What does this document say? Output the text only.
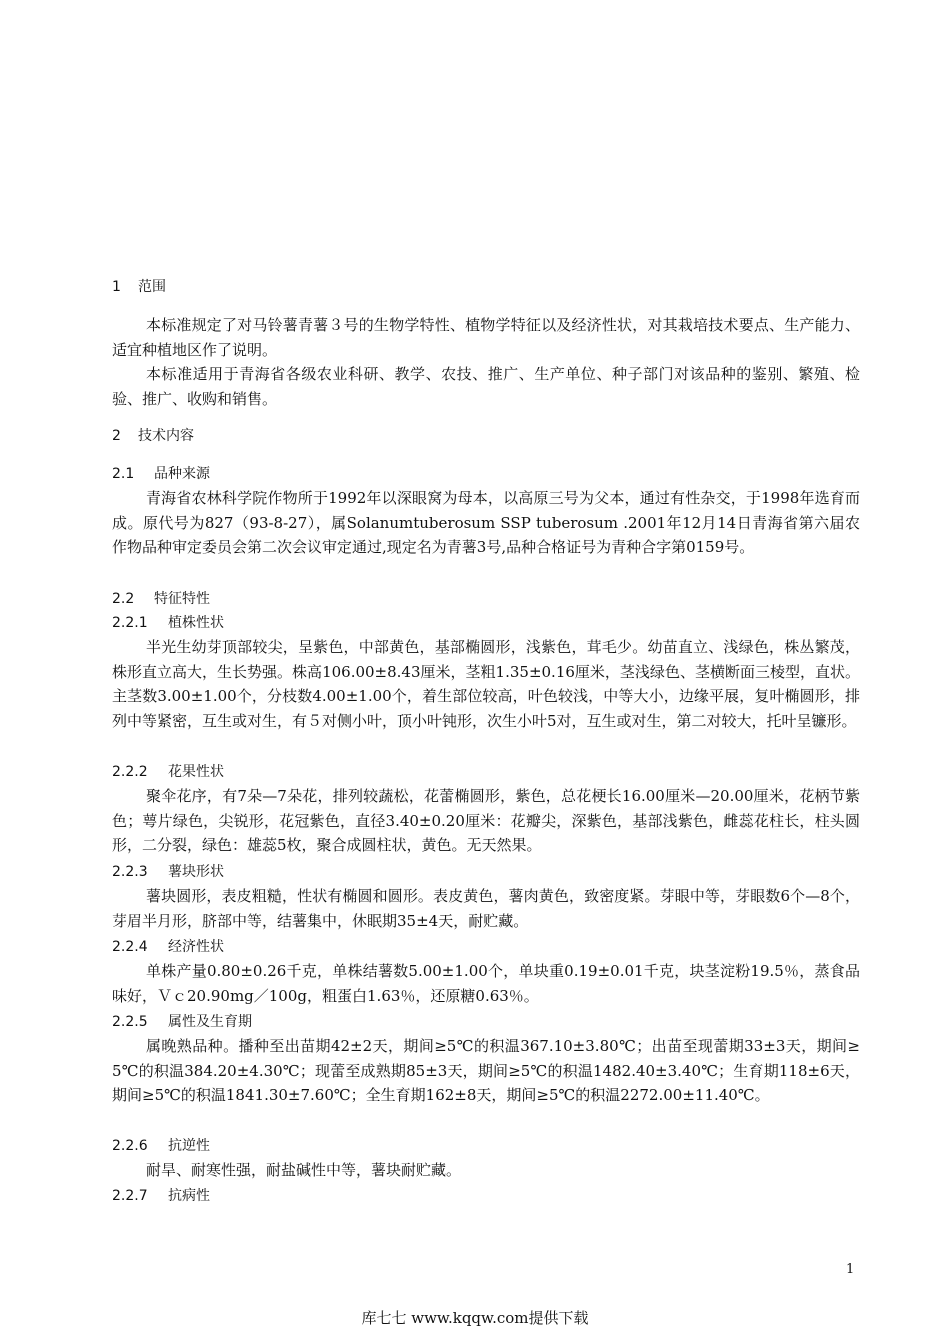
1 范围

本标准规定了对马铃薯青薯３号的生物学特性、植物学特征以及经济性状，对其栽培技术要点、生产能力、适宜种植地区作了说明。

本标准适用于青海省各级农业科研、教学、农技、推广、生产单位、种子部门对该品种的鉴别、繁殖、检验、推广、收购和销售。

2 技术内容
2.1 品种来源

青海省农林科学院作物所于1992年以深眼窝为母本，以高原三号为父本，通过有性杂交，于1998年选育而成。原代号为827（93-8-27），属Solanumtuberosum SSP tuberosum .2001年12月14日青海省第六届农作物品种审定委员会第二次会议审定通过,现定名为青薯3号,品种合格证号为青种合字第0159号。

2.2 特征特性
2.2.1 植株性状

半光生幼芽顶部较尖，呈紫色，中部黄色，基部椭圆形，浅紫色，茸毛少。幼苗直立、浅绿色，株丛繁茂，株形直立高大，生长势强。株高106.00±8.43厘米，茎粗1.35±0.16厘米，茎浅绿色、茎横断面三棱型，直状。主茎数3.00±1.00个，分枝数4.00±1.00个，着生部位较高，叶色较浅，中等大小，边缘平展，复叶椭圆形，排列中等紧密，互生或对生，有５对侧小叶，顶小叶钝形，次生小叶5对，互生或对生，第二对较大，托叶呈镰形。

2.2.2 花果性状

聚伞花序，有7朵—7朵花，排列较蔬松，花蕾椭圆形，紫色，总花梗长16.00厘米—20.00厘米，花柄节紫色；萼片绿色，尖锐形，花冠紫色，直径3.40±0.20厘米：花瓣尖，深紫色，基部浅紫色，雌蕊花柱长，柱头圆形，二分裂，绿色：雄蕊5枚，聚合成圆柱状，黄色。无天然果。

2.2.3 薯块形状

薯块圆形，表皮粗糙，性状有椭圆和圆形。表皮黄色，薯肉黄色，致密度紧。芽眼中等，芽眼数6个—8个，芽眉半月形，脐部中等，结薯集中，休眠期35±4天，耐贮藏。

2.2.4 经济性状

单株产量0.80±0.26千克，单株结薯数5.00±1.00个，单块重0.19±0.01千克，块茎淀粉19.5％，蒸食品味好，Ｖｃ20.90mg／100g，粗蛋白1.63％，还原糖0.63％。

2.2.5 属性及生育期

属晚熟品种。播种至出苗期42±2天，期间≥5℃的积温367.10±3.80℃；出苗至现蕾期33±3天，期间≥5℃的积温384.20±4.30℃；现蕾至成熟期85±3天，期间≥5℃的积温1482.40±3.40℃；生育期118±6天，期间≥5℃的积温1841.30±7.60℃；全生育期162±8天，期间≥5℃的积温2272.00±11.40℃。

2.2.6 抗逆性

耐旱、耐寒性强，耐盐碱性中等，薯块耐贮藏。

2.2.7 抗病性
1
库七七 www.kqqw.com提供下载
